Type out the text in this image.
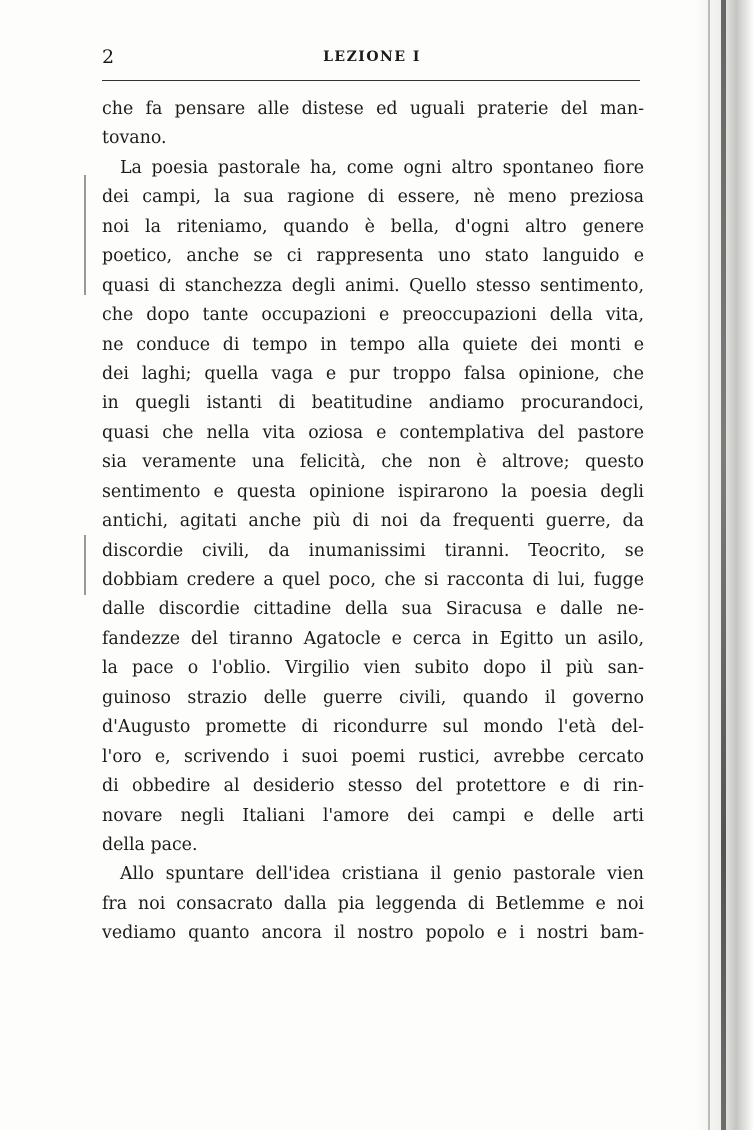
2	LEZIONE I
che fa pensare alle distese ed uguali praterie del man-
tovano.
La poesia pastorale ha, come ogni altro spontaneo fiore
dei campi, la sua ragione di essere, nè meno preziosa
noi la riteniamo, quando è bella, d'ogni altro genere
poetico, anche se ci rappresenta uno stato languido e
quasi di stanchezza degli animi. Quello stesso sentimento,
che dopo tante occupazioni e preoccupazioni della vita,
ne conduce di tempo in tempo alla quiete dei monti e
dei laghi; quella vaga e pur troppo falsa opinione, che
in quegli istanti di beatitudine andiamo procurandoci,
quasi che nella vita oziosa e contemplativa del pastore
sia veramente una felicità, che non è altrove; questo
sentimento e questa opinione ispirarono la poesia degli
antichi, agitati anche più di noi da frequenti guerre, da
discordie civili, da inumanissimi tiranni. Teocrito, se
dobbiam credere a quel poco, che si racconta di lui, fugge
dalle discordie cittadine della sua Siracusa e dalle ne-
fandezze del tiranno Agatocle e cerca in Egitto un asilo,
la pace o l'oblio. Virgilio vien subito dopo il più san-
guinoso strazio delle guerre civili, quando il governo
d'Augusto promette di ricondurre sul mondo l'età del-
l'oro e, scrivendo i suoi poemi rustici, avrebbe cercato
di obbedire al desiderio stesso del protettore e di rin-
novare negli Italiani l'amore dei campi e delle arti
della pace.
Allo spuntare dell'idea cristiana il genio pastorale vien
fra noi consacrato dalla pia leggenda di Betlemme e noi
vediamo quanto ancora il nostro popolo e i nostri bam-
